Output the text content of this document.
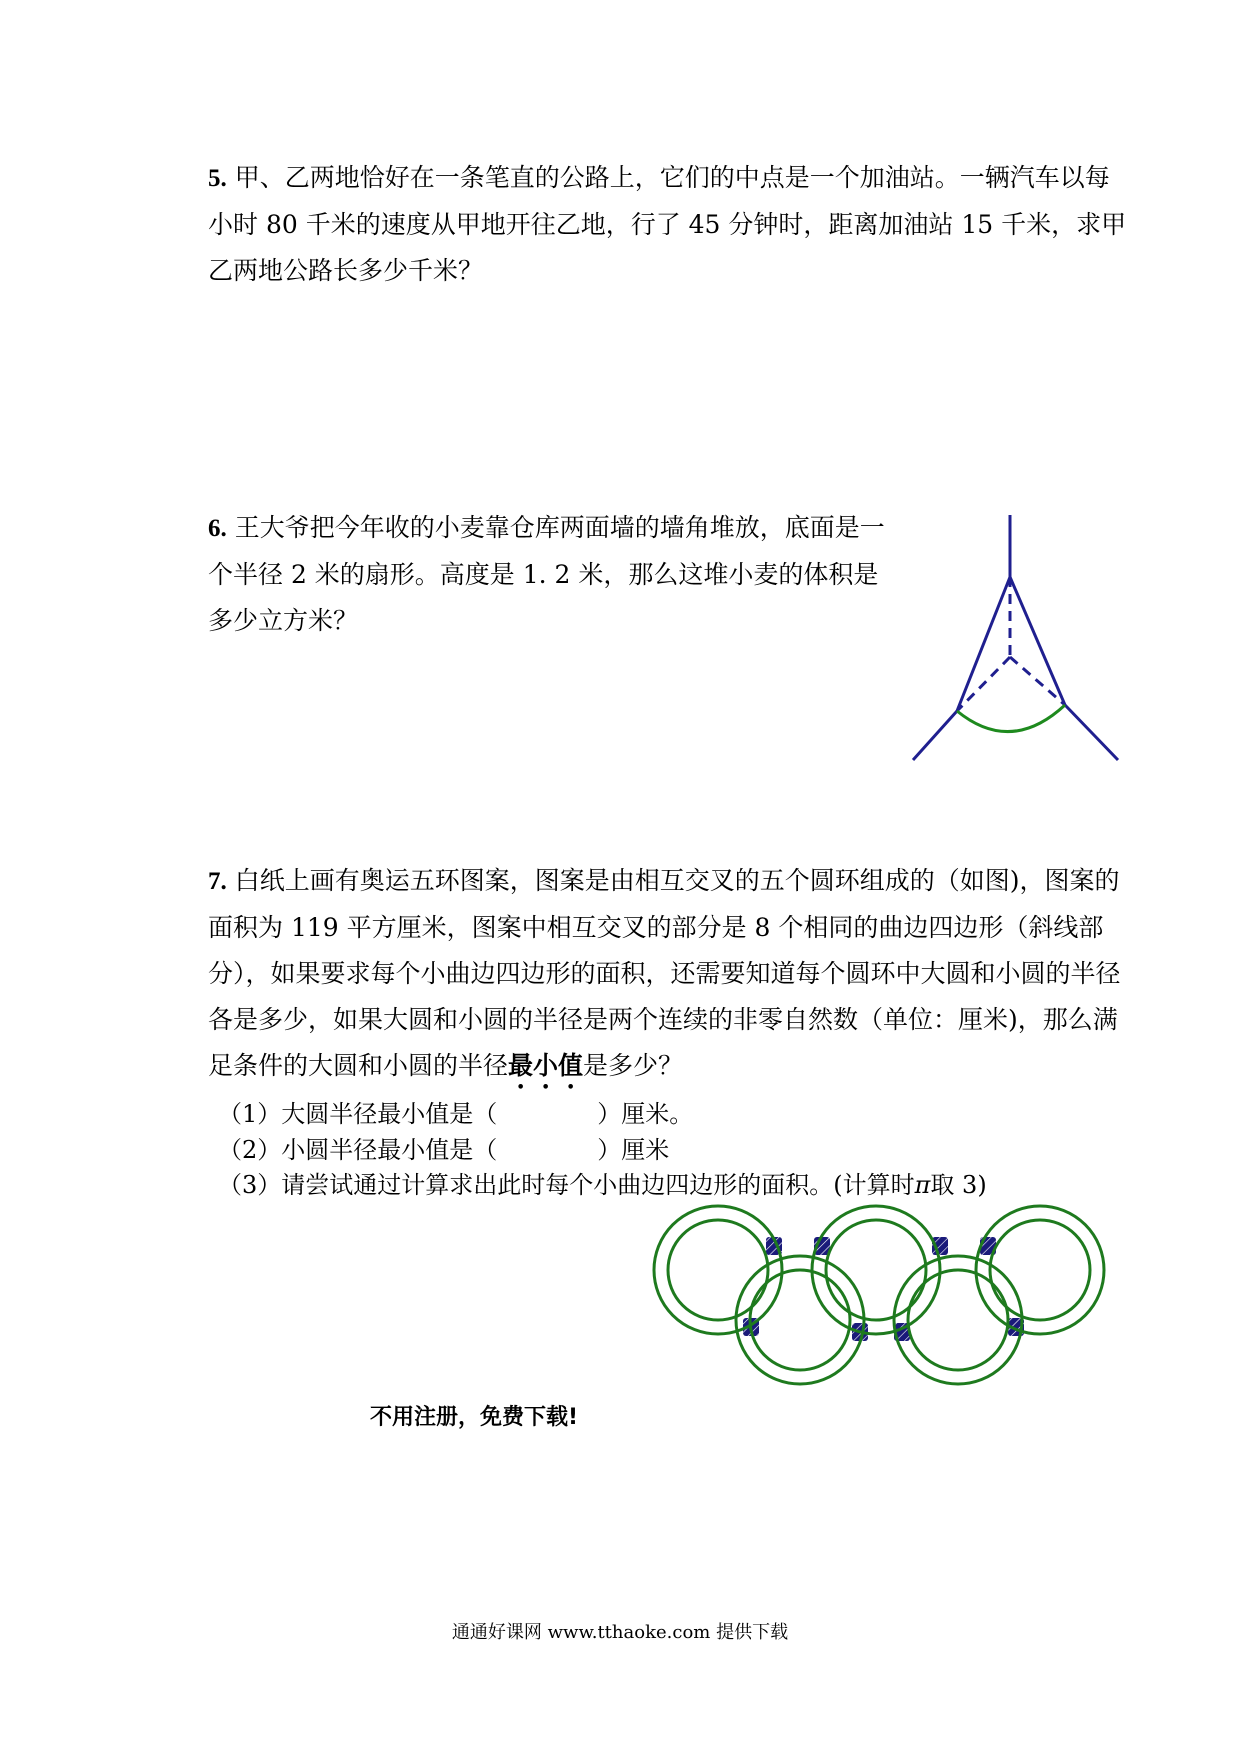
5. 甲、乙两地恰好在一条笔直的公路上，它们的中点是一个加油站。一辆汽车以每小时 80 千米的速度从甲地开往乙地，行了 45 分钟时，距离加油站 15 千米，求甲乙两地公路长多少千米？
6. 王大爷把今年收的小麦靠仓库两面墙的墙角堆放，底面是一个半径 2 米的扇形。高度是 1. 2 米，那么这堆小麦的体积是多少立方米？
7. 白纸上画有奥运五环图案，图案是由相互交叉的五个圆环组成的（如图)，图案的面积为 119 平方厘米，图案中相互交叉的部分是 8 个相同的曲边四边形（斜线部分），如果要求每个小曲边四边形的面积，还需要知道每个圆环中大圆和小圆的半径各是多少，如果大圆和小圆的半径是两个连续的非零自然数（单位：厘米)，那么满足条件的大圆和小圆的半径最小值是多少？
（1）大圆半径最小值是（	）厘米。
（2）小圆半径最小值是（	）厘米
（3）请尝试通过计算求出此时每个小曲边四边形的面积。(计算时π取 3)
不用注册，免费下载!
通通好课网 www.tthaoke.com 提供下载
